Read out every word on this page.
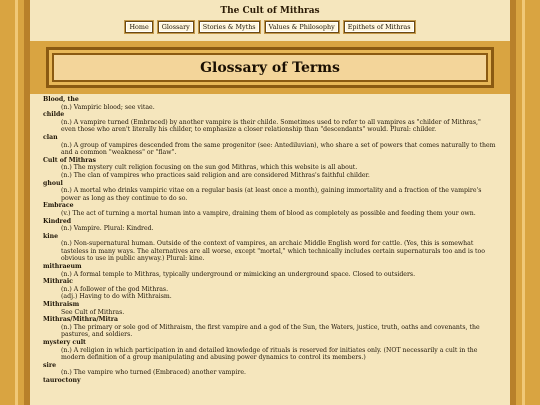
The Cult of Mithras
Home	Glossary	Stories & Myths	Values & Philosophy	Epithets of Mithras
Glossary of Terms

Blood, the

(n.) Vampiric blood; see vitae.

childe

(n.) A vampire turned (Embraced) by another vampire is their childe. Sometimes used to refer to all vampires as "childer of Mithras," even those who aren't literally his childer, to emphasize a closer relationship than "descendants" would. Plural: childer.

clan

(n.) A group of vampires descended from the same progenitor (see: Antediluvian), who share a set of powers that comes naturally to them and a common "weakness" or "flaw".

Cult of Mithras

(n.) The mystery cult religion focusing on the sun god Mithras, which this website is all about.

(n.) The clan of vampires who practices said religion and are considered Mithras's faithful childer.

ghoul

(n.) A mortal who drinks vampiric vitae on a regular basis (at least once a month), gaining immortality and a fraction of the vampire's power as long as they continue to do so.

Embrace

(v.) The act of turning a mortal human into a vampire, draining them of blood as completely as possible and feeding them your own.

Kindred

(n.) Vampire. Plural: Kindred.

kine

(n.) Non-supernatural human. Outside of the context of vampires, an archaic Middle English word for cattle. (Yes, this is somewhat tasteless in many ways. The alternatives are all worse, except "mortal," which technically includes certain supernaturals too and is too obvious to use in public anyway.) Plural: kine.

mithraeum

(n.) A formal temple to Mithras, typically underground or mimicking an underground space. Closed to outsiders.

Mithraic

(n.) A follower of the god Mithras.

(adj.) Having to do with Mithraism.

Mithraism

See Cult of Mithras.

Mithras/Mithra/Mitra

(n.) The primary or sole god of Mithraism, the first vampire and a god of the Sun, the Waters, justice, truth, oaths and covenants, the pastures, and soldiers.

mystery cult

(n.) A religion in which participation in and detailed knowledge of rituals is reserved for initiates only. (NOT necessarily a cult in the modern definition of a group manipulating and abusing power dynamics to control its members.)

sire

(n.) The vampire who turned (Embraced) another vampire.

tauroctony
